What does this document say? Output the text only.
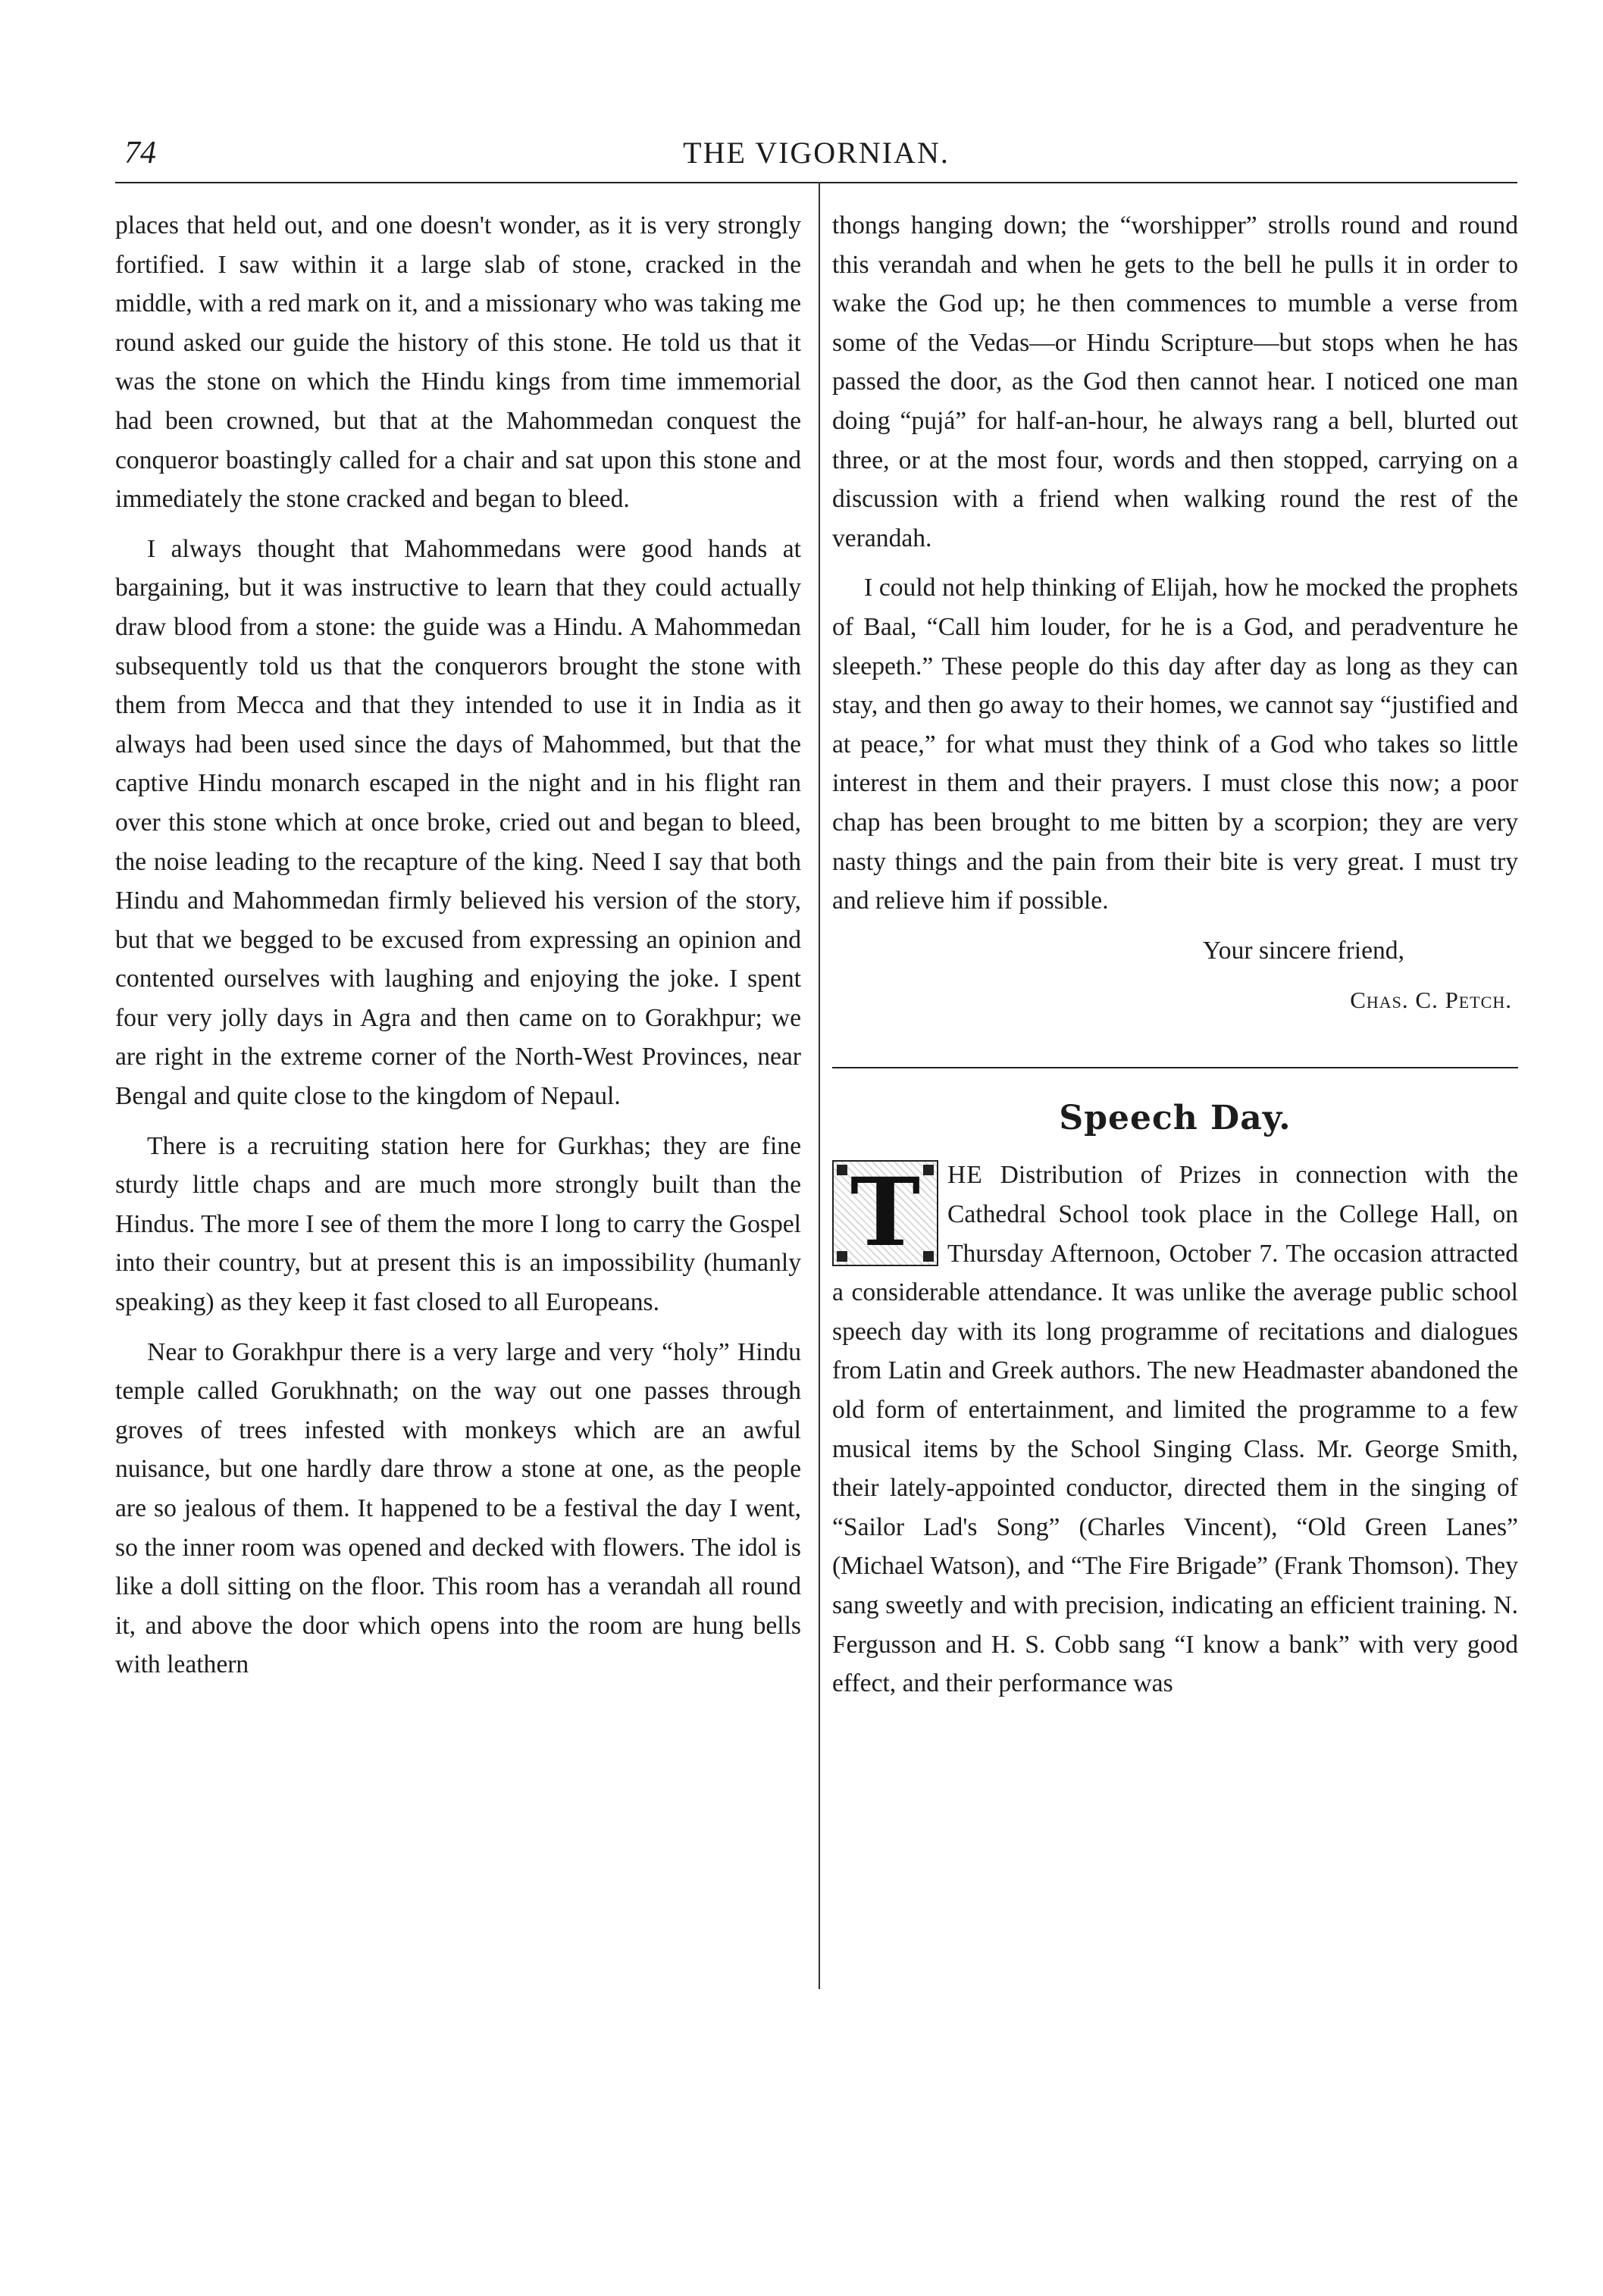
74	THE VIGORNIAN.

places that held out, and one doesn't wonder, as it is very strongly fortified. I saw within it a large slab of stone, cracked in the middle, with a red mark on it, and a missionary who was taking me round asked our guide the history of this stone. He told us that it was the stone on which the Hindu kings from time immemorial had been crowned, but that at the Mahommedan conquest the conqueror boastingly called for a chair and sat upon this stone and immediately the stone cracked and began to bleed.

I always thought that Mahommedans were good hands at bargaining, but it was instructive to learn that they could actually draw blood from a stone: the guide was a Hindu. A Mahommedan subsequently told us that the conquerors brought the stone with them from Mecca and that they intended to use it in India as it always had been used since the days of Mahommed, but that the captive Hindu monarch escaped in the night and in his flight ran over this stone which at once broke, cried out and began to bleed, the noise leading to the recapture of the king. Need I say that both Hindu and Mahommedan firmly believed his version of the story, but that we begged to be excused from expressing an opinion and contented ourselves with laughing and enjoying the joke. I spent four very jolly days in Agra and then came on to Gorakhpur; we are right in the extreme corner of the North-West Provinces, near Bengal and quite close to the kingdom of Nepaul.

There is a recruiting station here for Gurkhas; they are fine sturdy little chaps and are much more strongly built than the Hindus. The more I see of them the more I long to carry the Gospel into their country, but at present this is an impossibility (humanly speaking) as they keep it fast closed to all Europeans.

Near to Gorakhpur there is a very large and very “holy” Hindu temple called Gorukhnath; on the way out one passes through groves of trees infested with monkeys which are an awful nuisance, but one hardly dare throw a stone at one, as the people are so jealous of them. It happened to be a festival the day I went, so the inner room was opened and decked with flowers. The idol is like a doll sitting on the floor. This room has a verandah all round it, and above the door which opens into the room are hung bells with leathern

thongs hanging down; the “worshipper” strolls round and round this verandah and when he gets to the bell he pulls it in order to wake the God up; he then commences to mumble a verse from some of the Vedas—or Hindu Scripture—but stops when he has passed the door, as the God then cannot hear. I noticed one man doing “pujá” for half-an-hour, he always rang a bell, blurted out three, or at the most four, words and then stopped, carrying on a discussion with a friend when walking round the rest of the verandah.

I could not help thinking of Elijah, how he mocked the prophets of Baal, “Call him louder, for he is a God, and peradventure he sleepeth.” These people do this day after day as long as they can stay, and then go away to their homes, we cannot say “justified and at peace,” for what must they think of a God who takes so little interest in them and their prayers. I must close this now; a poor chap has been brought to me bitten by a scorpion; they are very nasty things and the pain from their bite is very great. I must try and relieve him if possible.

Your sincere friend,

Chas. C. Petch.

Speech Day.

T	HE Distribution of Prizes in connection with the Cathedral School took place in the College Hall, on Thursday Afternoon, October 7. The occasion attracted a considerable attendance. It was unlike the average public school speech day with its long programme of recitations and dialogues from Latin and Greek authors. The new Headmaster abandoned the old form of entertainment, and limited the programme to a few musical items by the School Singing Class. Mr. George Smith, their lately-appointed conductor, directed them in the singing of “Sailor Lad's Song” (Charles Vincent), “Old Green Lanes” (Michael Watson), and “The Fire Brigade” (Frank Thomson). They sang sweetly and with precision, indicating an efficient training. N. Fergusson and H. S. Cobb sang “I know a bank” with very good effect, and their performance was
